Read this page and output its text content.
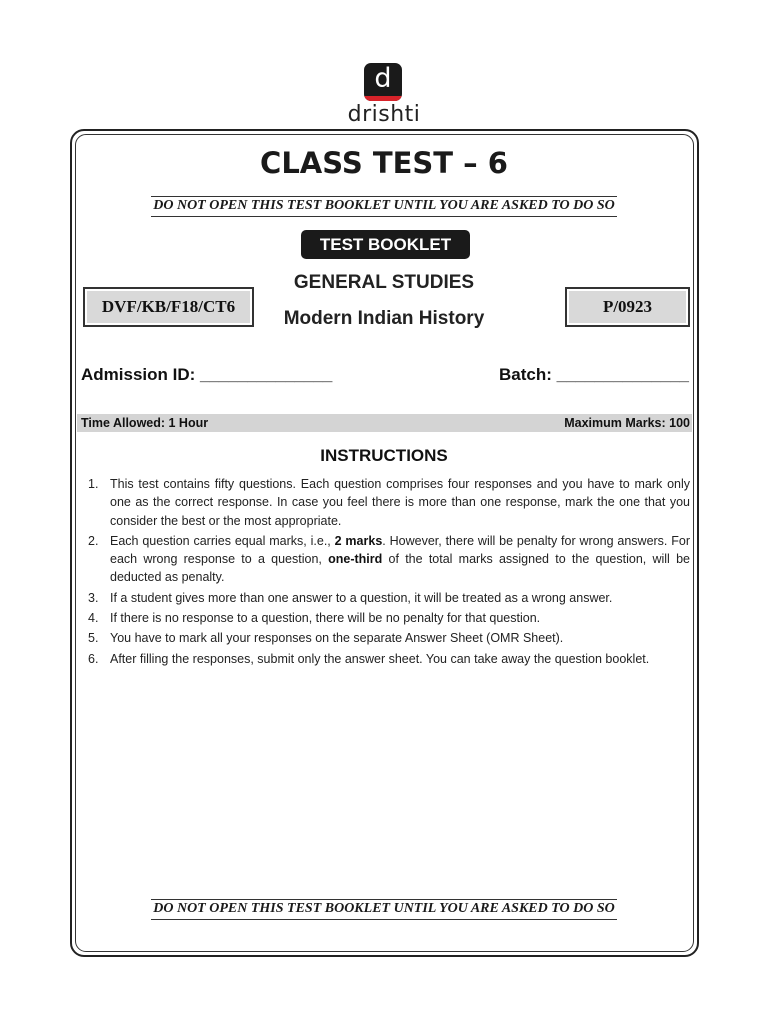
d
drishti
CLASS TEST – 6
DO NOT OPEN THIS TEST BOOKLET UNTIL YOU ARE ASKED TO DO SO
TEST BOOKLET
GENERAL STUDIES
Modern Indian History
DVF/KB/F18/CT6	P/0923
Admission ID: ______________	Batch: ______________
Time Allowed: 1 Hour	Maximum Marks: 100
INSTRUCTIONS
1. This test contains fifty questions. Each question comprises four responses and you have to mark only one as the correct response. In case you feel there is more than one response, mark the one that you consider the best or the most appropriate.
2. Each question carries equal marks, i.e., 2 marks. However, there will be penalty for wrong answers. For each wrong response to a question, one-third of the total marks assigned to the question, will be deducted as penalty.
3. If a student gives more than one answer to a question, it will be treated as a wrong answer.
4. If there is no response to a question, there will be no penalty for that question.
5. You have to mark all your responses on the separate Answer Sheet (OMR Sheet).
6. After filling the responses, submit only the answer sheet. You can take away the question booklet.
DO NOT OPEN THIS TEST BOOKLET UNTIL YOU ARE ASKED TO DO SO
